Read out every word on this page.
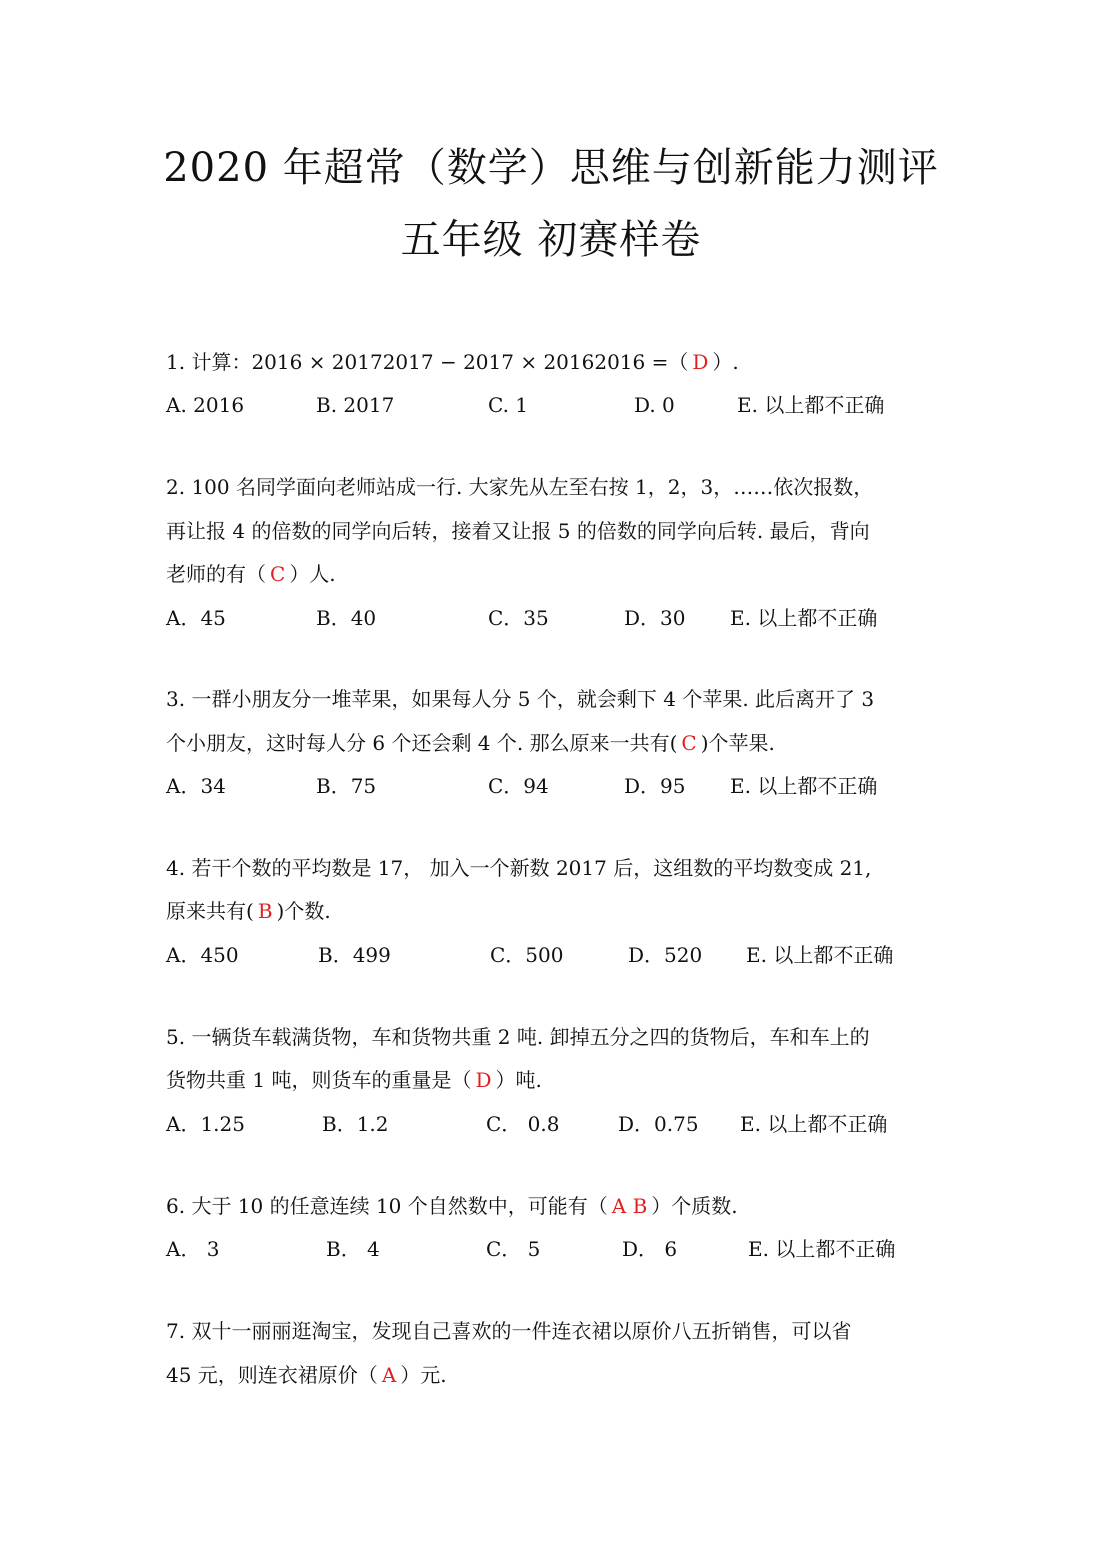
2020 年超常（数学）思维与创新能力测评
五年级 初赛样卷
1. 计算：2016 × 20172017 − 2017 × 20162016 =（ D ）.
A. 2016	B. 2017	C. 1	D. 0	E. 以上都不正确
2. 100 名同学面向老师站成一行. 大家先从左至右按 1，2，3，……依次报数，
再让报 4 的倍数的同学向后转，接着又让报 5 的倍数的同学向后转. 最后，背向
老师的有（ C ）人.
A．45	B．40	C．35	D．30 E. 以上都不正确
3. 一群小朋友分一堆苹果，如果每人分 5 个，就会剩下 4 个苹果. 此后离开了 3
个小朋友，这时每人分 6 个还会剩 4 个. 那么原来一共有( C )个苹果.
A．34	B．75	C．94	D．95 E. 以上都不正确
4. 若干个数的平均数是 17， 加入一个新数 2017 后，这组数的平均数变成 21,
原来共有( B )个数.
A．450	B．499	C．500	D．520 E. 以上都不正确
5. 一辆货车载满货物，车和货物共重 2 吨. 卸掉五分之四的货物后，车和车上的
货物共重 1 吨，则货车的重量是（ D ）吨.
A．1.25	B．1.2	C． 0.8	D．0.75 E. 以上都不正确
6. 大于 10 的任意连续 10 个自然数中，可能有（ A B ）个质数.
A． 3	B． 4	C． 5	D． 6	E. 以上都不正确
7. 双十一丽丽逛淘宝，发现自己喜欢的一件连衣裙以原价八五折销售，可以省
45 元，则连衣裙原价（ A ）元.
